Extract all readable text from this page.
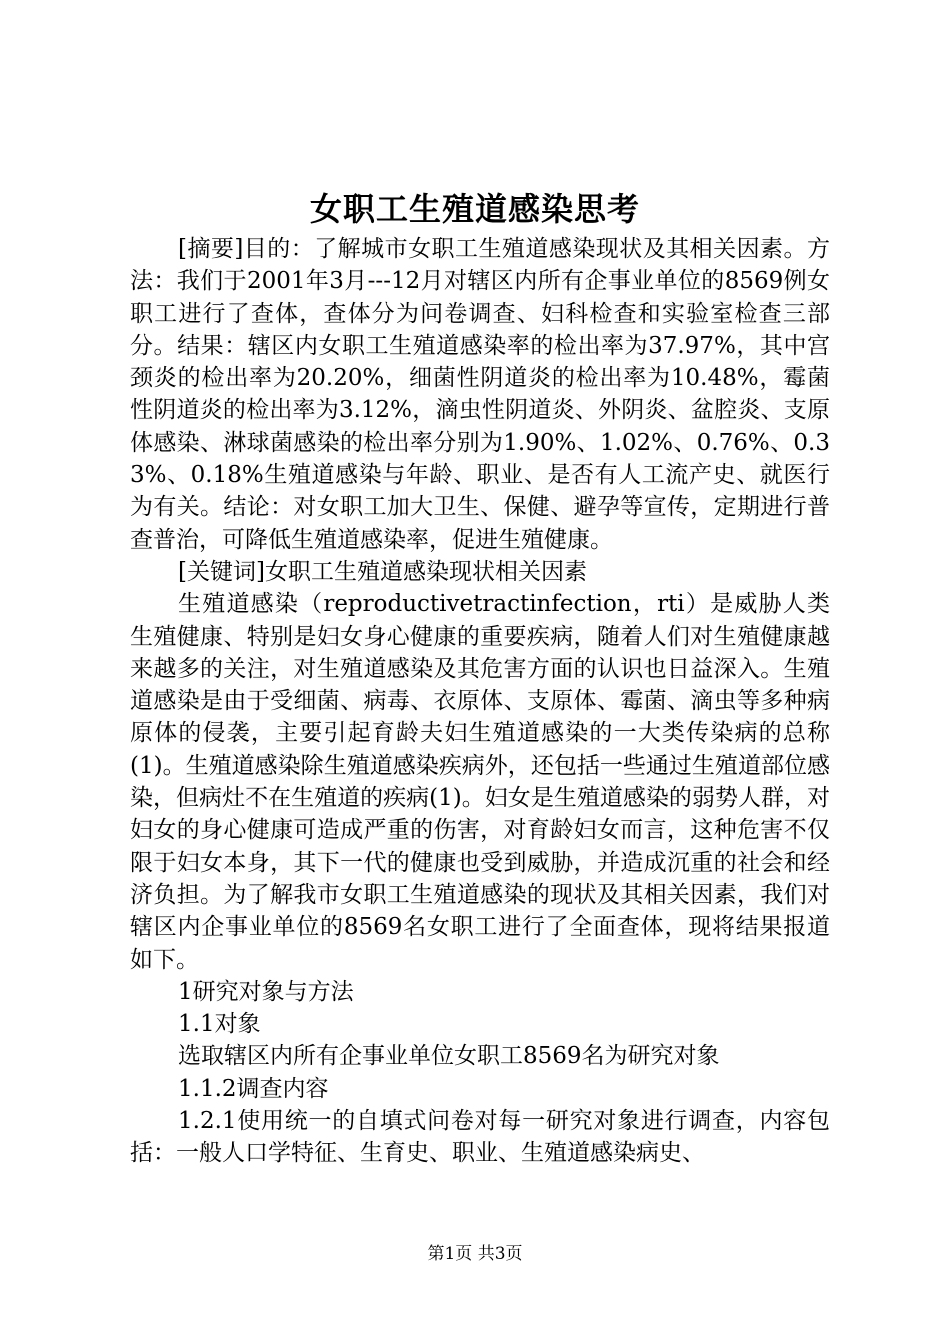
女职工生殖道感染思考

[摘要]目的：了解城市女职工生殖道感染现状及其相关因素。方法：我们于2001年3月---12月对辖区内所有企事业单位的8569例女职工进行了查体，查体分为问卷调查、妇科检查和实验室检查三部分。结果：辖区内女职工生殖道感染率的检出率为37.97%，其中宫颈炎的检出率为20.20%，细菌性阴道炎的检出率为10.48%，霉菌性阴道炎的检出率为3.12%，滴虫性阴道炎、外阴炎、盆腔炎、支原体感染、淋球菌感染的检出率分别为1.90%、1.02%、0.76%、0.33%、0.18%生殖道感染与年龄、职业、是否有人工流产史、就医行为有关。结论：对女职工加大卫生、保健、避孕等宣传，定期进行普查普治，可降低生殖道感染率，促进生殖健康。

[关键词]女职工生殖道感染现状相关因素

生殖道感染（reproductivetractinfection，rti）是威胁人类生殖健康、特别是妇女身心健康的重要疾病，随着人们对生殖健康越来越多的关注，对生殖道感染及其危害方面的认识也日益深入。生殖道感染是由于受细菌、病毒、衣原体、支原体、霉菌、滴虫等多种病原体的侵袭，主要引起育龄夫妇生殖道感染的一大类传染病的总称(1)。生殖道感染除生殖道感染疾病外，还包括一些通过生殖道部位感染，但病灶不在生殖道的疾病(1)。妇女是生殖道感染的弱势人群，对妇女的身心健康可造成严重的伤害，对育龄妇女而言，这种危害不仅限于妇女本身，其下一代的健康也受到威胁，并造成沉重的社会和经济负担。为了解我市女职工生殖道感染的现状及其相关因素，我们对辖区内企事业单位的8569名女职工进行了全面查体，现将结果报道如下。

1研究对象与方法

1.1对象

选取辖区内所有企事业单位女职工8569名为研究对象

1.1.2调查内容

1.2.1使用统一的自填式问卷对每一研究对象进行调查，内容包括：一般人口学特征、生育史、职业、生殖道感染病史、

第1页 共3页
